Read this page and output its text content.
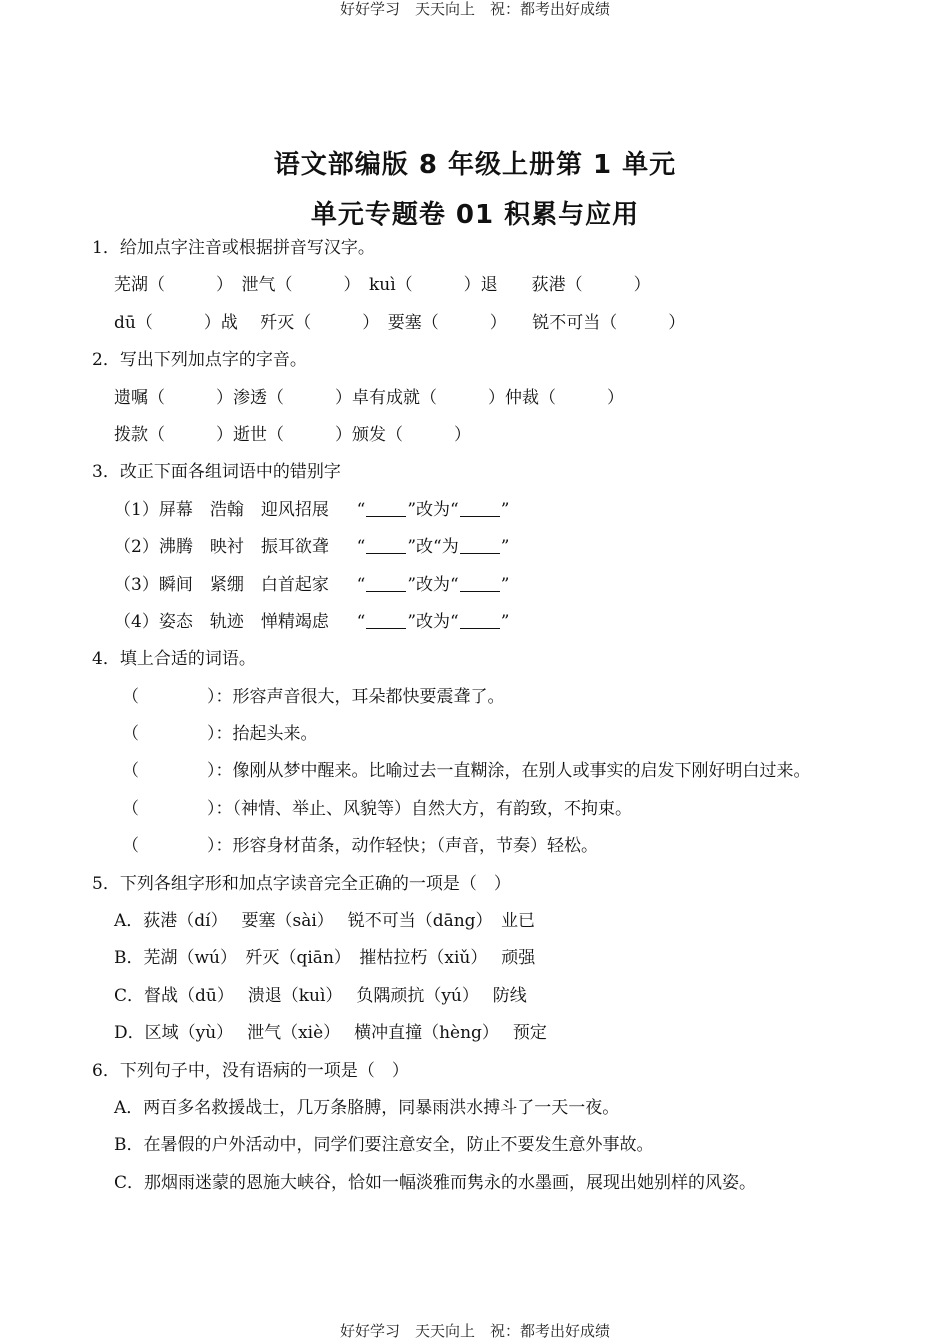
好好学习　天天向上　祝：都考出好成绩
语文部编版 8 年级上册第 1 单元
单元专题卷 01 积累与应用
1．给加点字注音或根据拼音写汉字。
芜湖（　　　）　泄气（　　　）　kuì（　　　）退　　荻港（　　　）
dū（　　　）战　 歼灭（　　　）　要塞（　　　）　　锐不可当（　　　）
2．写出下列加点字的字音。
遗嘱（　　　）渗透（　　　）卓有成就（　　　）仲裁（　　　）
拨款（　　　）逝世（　　　）颁发（　　　）
3．改正下面各组词语中的错别字
（1）屏幕　浩翰　迎风招展　 “ ”改为“ ”
（2）沸腾　映衬　振耳欲聋　 “ ”改“为 ”
（3）瞬间　紧绷　白首起家　 “ ”改为“ ”
（4）姿态　轨迹　惮精竭虑　 “ ”改为“ ”
4．填上合适的词语。
（　　　　）：形容声音很大，耳朵都快要震聋了。
（　　　　）：抬起头来。
（　　　　）：像刚从梦中醒来。比喻过去一直糊涂，在别人或事实的启发下刚好明白过来。
（　　　　）：（神情、举止、风貌等）自然大方，有韵致，不拘束。
（　　　　）：形容身材苗条，动作轻快；（声音，节奏）轻松。
5．下列各组字形和加点字读音完全正确的一项是（　）
A．荻港（dí）　 要塞（sài）　 锐不可当（dāng）　业已
B．芜湖（wú）　歼灭（qiān）　摧枯拉朽（xiǔ）　 顽强
C．督战（dū）　 溃退（kuì）　 负隅顽抗（yú）　 防线
D．区域（yù）　 泄气（xiè）　 横冲直撞（hèng）　 预定
6．下列句子中，没有语病的一项是（　）
A．两百多名救援战士，几万条胳膊，同暴雨洪水搏斗了一天一夜。
B．在暑假的户外活动中，同学们要注意安全，防止不要发生意外事故。
C．那烟雨迷蒙的恩施大峡谷，恰如一幅淡雅而隽永的水墨画，展现出她别样的风姿。
好好学习　天天向上　祝：都考出好成绩
